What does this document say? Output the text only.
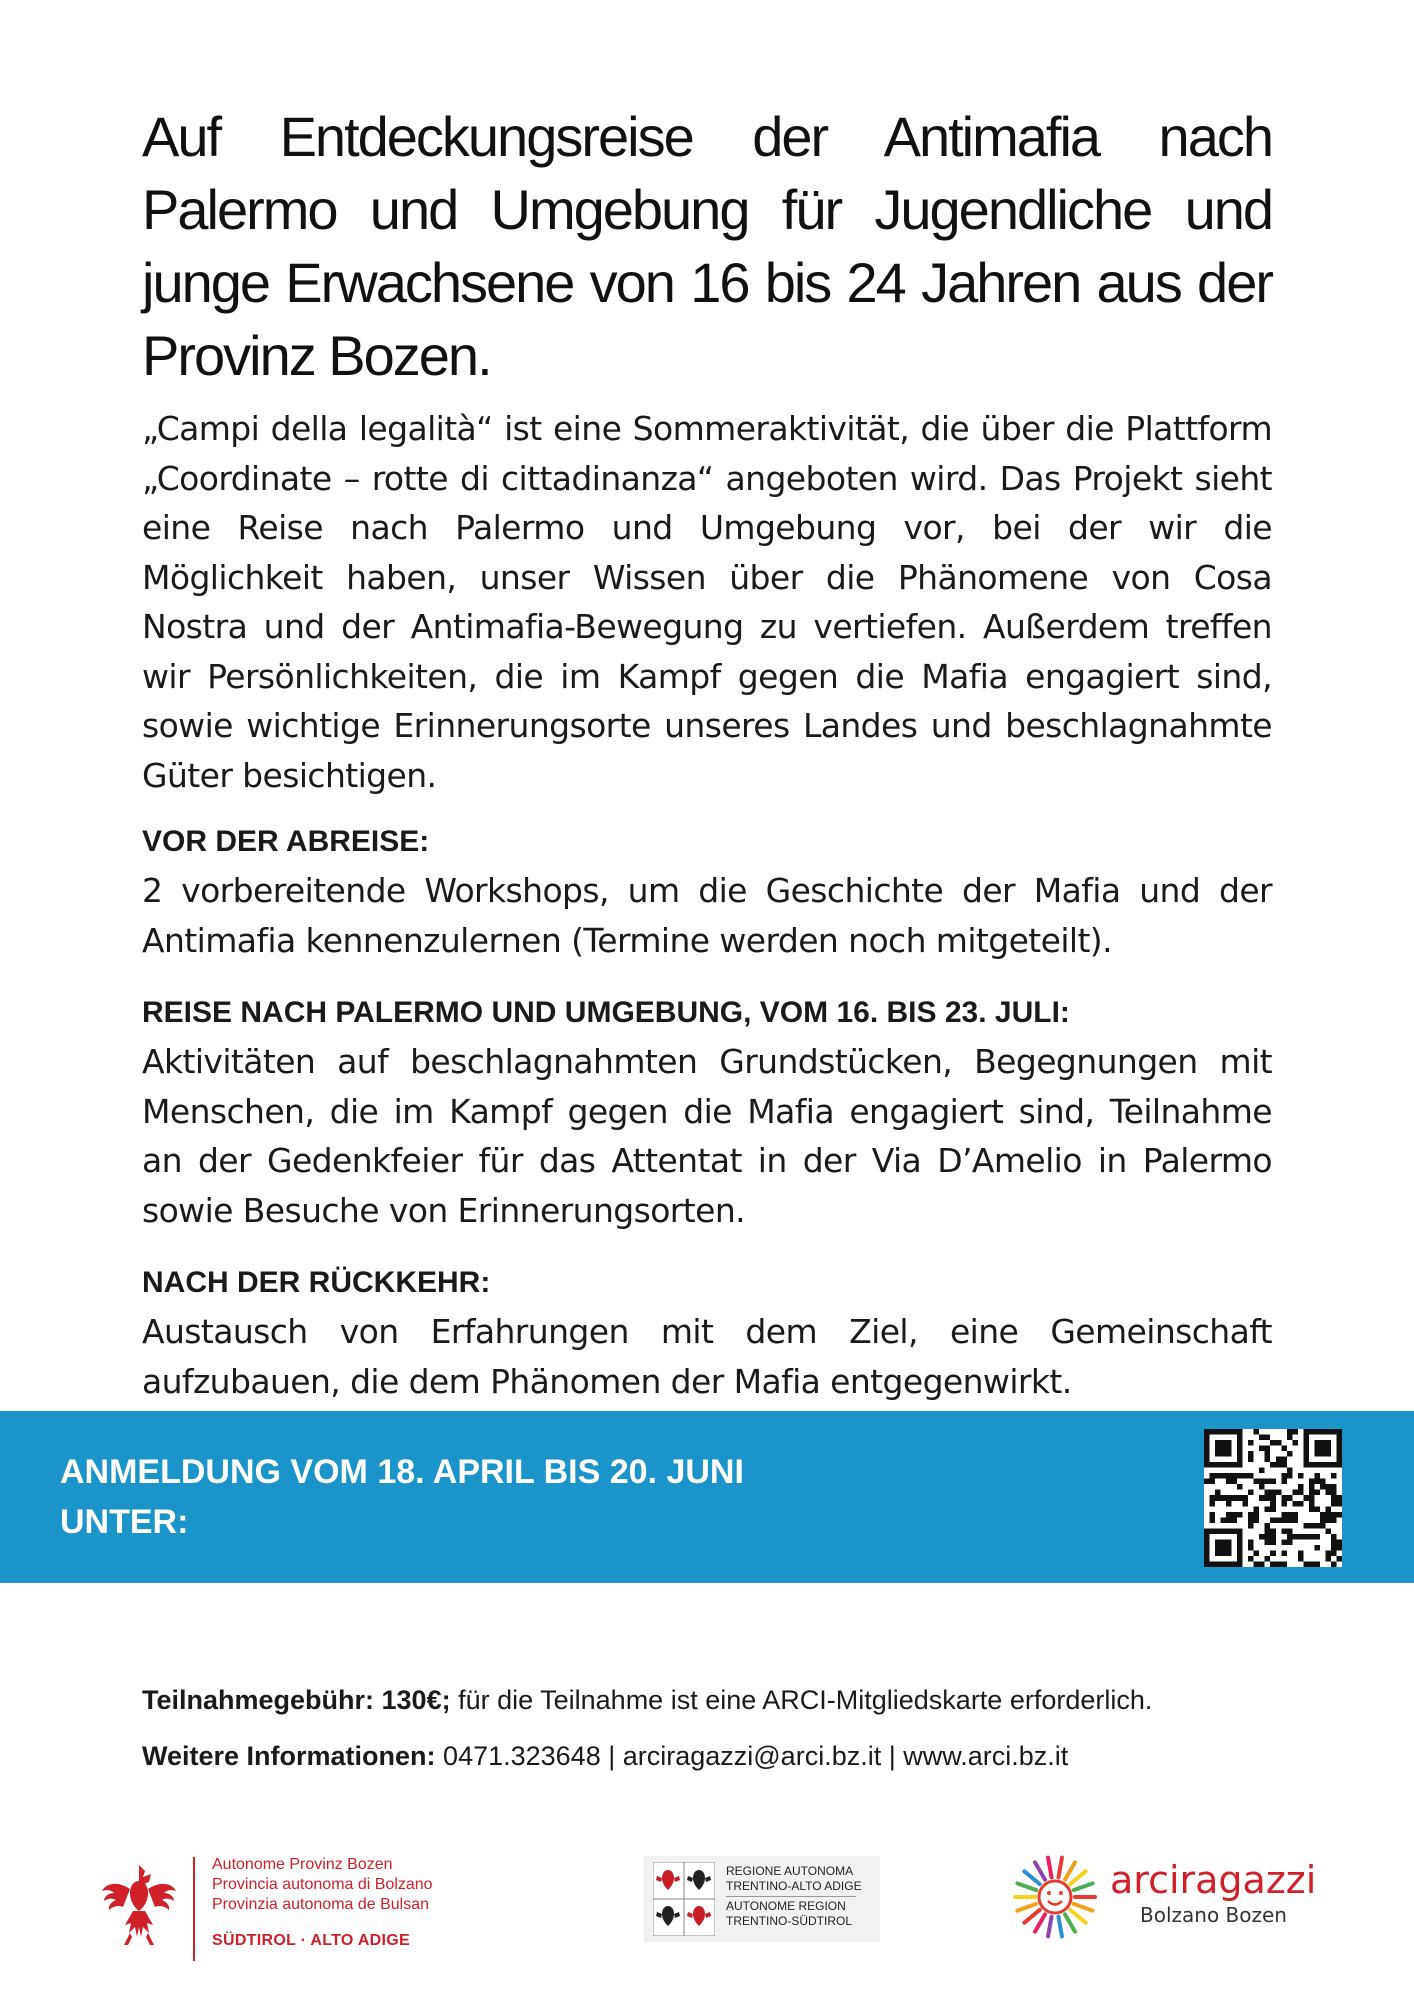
Auf Entdeckungsreise der Antimafia nach Palermo und Umgebung für Jugendliche und junge Erwachsene von 16 bis 24 Jahren aus der Provinz Bozen.

„Campi della legalità“ ist eine Sommeraktivität, die über die Plattform „Coordinate – rotte di cittadinanza“ angeboten wird. Das Projekt sieht eine Reise nach Palermo und Umgebung vor, bei der wir die Möglichkeit haben, unser Wissen über die Phänomene von Cosa Nostra und der Antimafia-Bewegung zu vertiefen. Außerdem treffen wir Persönlichkeiten, die im Kampf gegen die Mafia engagiert sind, sowie wichtige Erinnerungsorte unseres Landes und beschlagnahmte Güter besichtigen.

VOR DER ABREISE:

2 vorbereitende Workshops, um die Geschichte der Mafia und der Antimafia kennenzulernen (Termine werden noch mitgeteilt).

REISE NACH PALERMO UND UMGEBUNG, VOM 16. BIS 23. JULI:

Aktivitäten auf beschlagnahmten Grundstücken, Begegnungen mit Menschen, die im Kampf gegen die Mafia engagiert sind, Teilnahme an der Gedenkfeier für das Attentat in der Via D’Amelio in Palermo sowie Besuche von Erinnerungsorten.

NACH DER RÜCKKEHR:

Austausch von Erfahrungen mit dem Ziel, eine Gemeinschaft aufzubauen, die dem Phänomen der Mafia entgegenwirkt.

ANMELDUNG VOM 18. APRIL BIS 20. JUNI
UNTER:
Teilnahmegebühr: 130€; für die Teilnahme ist eine ARCI-Mitgliedskarte erforderlich.
Weitere Informationen: 0471.323648 | arciragazzi@arci.bz.it | www.arci.bz.it
Autonome Provinz Bozen
Provincia autonoma di Bolzano
Provinzia autonoma de Bulsan
SÜDTIROL · ALTO ADIGE
REGIONE AUTONOMA
TRENTINO-ALTO ADIGE
AUTONOME REGION
TRENTINO-SÜDTIROL
arciragazzi
Bolzano Bozen
